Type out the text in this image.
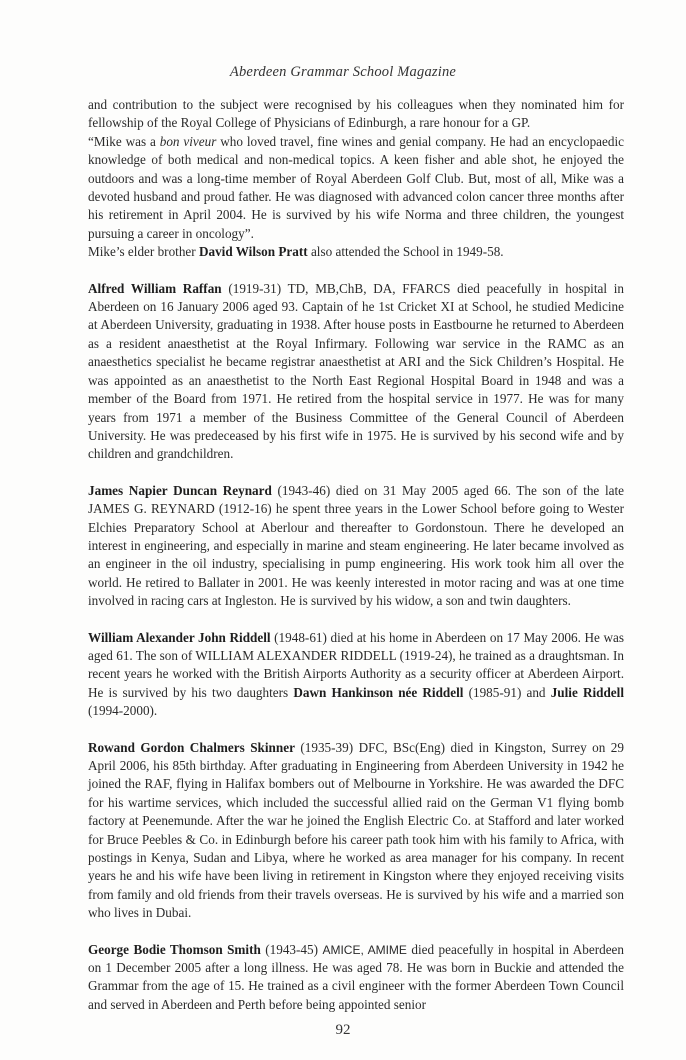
Aberdeen Grammar School Magazine

and contribution to the subject were recognised by his colleagues when they nominated him for fellowship of the Royal College of Physicians of Edinburgh, a rare honour for a GP.

“Mike was a bon viveur who loved travel, fine wines and genial company. He had an encyclopaedic knowledge of both medical and non-medical topics. A keen fisher and able shot, he enjoyed the outdoors and was a long-time member of Royal Aberdeen Golf Club. But, most of all, Mike was a devoted husband and proud father. He was diagnosed with advanced colon cancer three months after his retirement in April 2004. He is survived by his wife Norma and three children, the youngest pursuing a career in oncology”.

Mike’s elder brother David Wilson Pratt also attended the School in 1949-58.

Alfred William Raffan (1919-31) TD, MB,ChB, DA, FFARCS died peacefully in hospital in Aberdeen on 16 January 2006 aged 93. Captain of he 1st Cricket XI at School, he studied Medicine at Aberdeen University, graduating in 1938. After house posts in Eastbourne he returned to Aberdeen as a resident anaesthetist at the Royal Infirmary. Following war service in the RAMC as an anaesthetics specialist he became registrar anaesthetist at ARI and the Sick Children’s Hospital. He was appointed as an anaesthetist to the North East Regional Hospital Board in 1948 and was a member of the Board from 1971. He retired from the hospital service in 1977. He was for many years from 1971 a member of the Business Committee of the General Council of Aberdeen University. He was predeceased by his first wife in 1975. He is survived by his second wife and by children and grandchildren.

James Napier Duncan Reynard (1943-46) died on 31 May 2005 aged 66. The son of the late JAMES G. REYNARD (1912-16) he spent three years in the Lower School before going to Wester Elchies Preparatory School at Aberlour and thereafter to Gordonstoun. There he developed an interest in engineering, and especially in marine and steam engineering. He later became involved as an engineer in the oil industry, specialising in pump engineering. His work took him all over the world. He retired to Ballater in 2001. He was keenly interested in motor racing and was at one time involved in racing cars at Ingleston. He is survived by his widow, a son and twin daughters.

William Alexander John Riddell (1948-61) died at his home in Aberdeen on 17 May 2006. He was aged 61. The son of WILLIAM ALEXANDER RIDDELL (1919-24), he trained as a draughtsman. In recent years he worked with the British Airports Authority as a security officer at Aberdeen Airport. He is survived by his two daughters Dawn Hankinson née Riddell (1985-91) and Julie Riddell (1994-2000).

Rowand Gordon Chalmers Skinner (1935-39) DFC, BSc(Eng) died in Kingston, Surrey on 29 April 2006, his 85th birthday. After graduating in Engineering from Aberdeen University in 1942 he joined the RAF, flying in Halifax bombers out of Melbourne in Yorkshire. He was awarded the DFC for his wartime services, which included the successful allied raid on the German V1 flying bomb factory at Peenemunde. After the war he joined the English Electric Co. at Stafford and later worked for Bruce Peebles & Co. in Edinburgh before his career path took him with his family to Africa, with postings in Kenya, Sudan and Libya, where he worked as area manager for his company. In recent years he and his wife have been living in retirement in Kingston where they enjoyed receiving visits from family and old friends from their travels overseas. He is survived by his wife and a married son who lives in Dubai.

George Bodie Thomson Smith (1943-45) AMICE, AMIME died peacefully in hospital in Aberdeen on 1 December 2005 after a long illness. He was aged 78. He was born in Buckie and attended the Grammar from the age of 15. He trained as a civil engineer with the former Aberdeen Town Council and served in Aberdeen and Perth before being appointed senior

92
